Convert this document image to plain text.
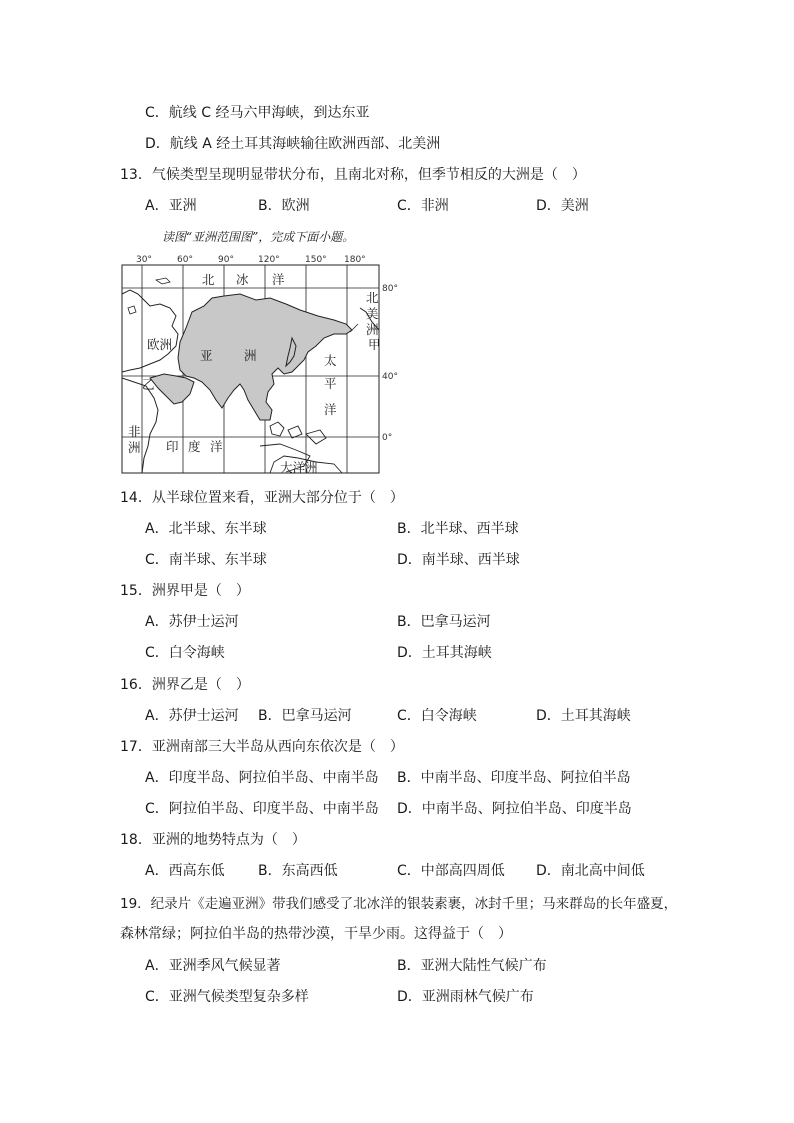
C．航线 C 经马六甲海峡，到达东亚
D．航线 A 经土耳其海峡输往欧洲西部、北美洲
13．气候类型呈现明显带状分布，且南北对称，但季节相反的大洲是（　）
A．亚洲	B．欧洲	C．非洲	D．美洲
读图“亚洲范围图”，完成下面小题。
30°	60°	90°	120°	150° 180°
80°
40°
0°
北 冰 洋
北
美
洲
甲
欧洲
亚	洲	太
平
洋
乙
非
洲 印 度 洋
大洋洲
14．从半球位置来看，亚洲大部分位于（　）
A．北半球、东半球	B．北半球、西半球
C．南半球、东半球	D．南半球、西半球
15．洲界甲是（　）
A．苏伊士运河	B．巴拿马运河
C．白令海峡	D．土耳其海峡
16．洲界乙是（　）
A．苏伊士运河 B．巴拿马运河	C．白令海峡	D．土耳其海峡
17．亚洲南部三大半岛从西向东依次是（　）
A．印度半岛、阿拉伯半岛、中南半岛 B．中南半岛、印度半岛、阿拉伯半岛
C．阿拉伯半岛、印度半岛、中南半岛 D．中南半岛、阿拉伯半岛、印度半岛
18．亚洲的地势特点为（　）
A．西高东低 B．东高西低	C．中部高四周低 D．南北高中间低
19．纪录片《走遍亚洲》带我们感受了北冰洋的银装素裹，冰封千里；马来群岛的长年盛夏，
森林常绿；阿拉伯半岛的热带沙漠，干旱少雨。这得益于（　）
A．亚洲季风气候显著	B．亚洲大陆性气候广布
C．亚洲气候类型复杂多样	D．亚洲雨林气候广布
